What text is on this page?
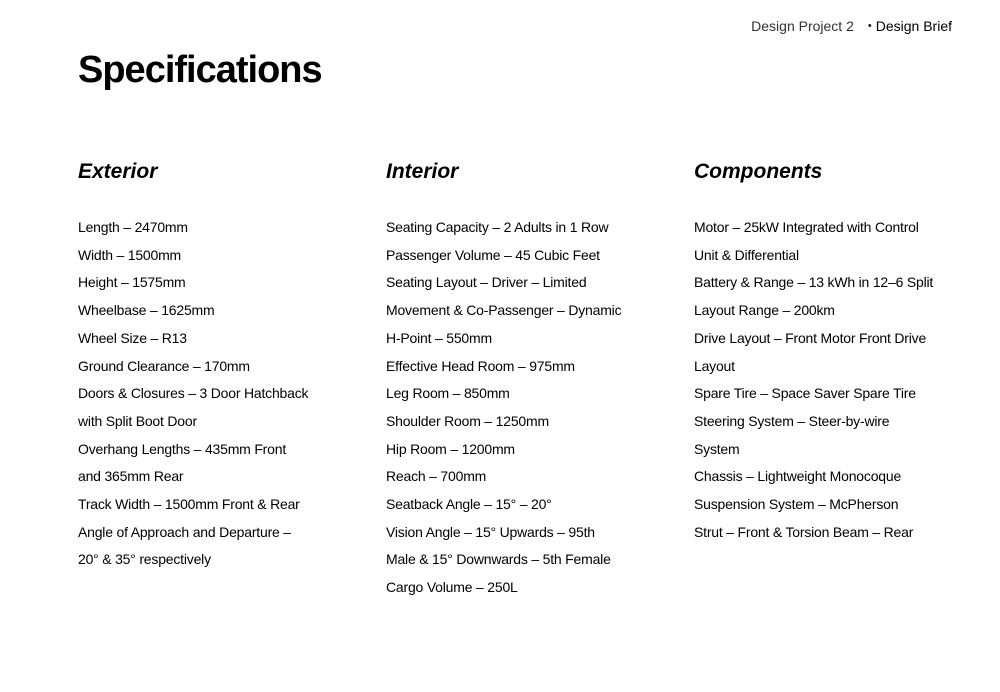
Design Project 2 • Design Brief
Specifications
Exterior
Length – 2470mm
Width – 1500mm
Height – 1575mm
Wheelbase – 1625mm
Wheel Size – R13
Ground Clearance – 170mm
Doors & Closures – 3 Door Hatchback
with Split Boot Door
Overhang Lengths – 435mm Front
and 365mm Rear
Track Width – 1500mm Front & Rear
Angle of Approach and Departure –
20° & 35° respectively
Interior
Seating Capacity – 2 Adults in 1 Row
Passenger Volume – 45 Cubic Feet
Seating Layout – Driver – Limited
Movement & Co-Passenger – Dynamic
H-Point – 550mm
Effective Head Room – 975mm
Leg Room – 850mm
Shoulder Room – 1250mm
Hip Room – 1200mm
Reach – 700mm
Seatback Angle – 15° – 20°
Vision Angle – 15° Upwards – 95th
Male & 15° Downwards – 5th Female
Cargo Volume – 250L
Components
Motor – 25kW Integrated with Control
Unit & Differential
Battery & Range – 13 kWh in 12–6 Split
Layout Range – 200km
Drive Layout – Front Motor Front Drive
Layout
Spare Tire – Space Saver Spare Tire
Steering System – Steer-by-wire
System
Chassis – Lightweight Monocoque
Suspension System – McPherson
Strut – Front & Torsion Beam – Rear
